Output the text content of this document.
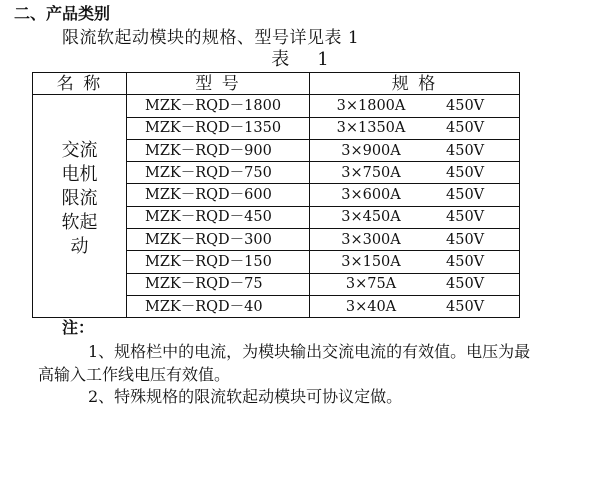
二、产品类别
限流软起动模块的规格、型号详见表 1
表 1
名 称	型 号	规 格

交流
电机
限流
软起
动	MZK－RQD－1800	3×1800A 450V
	MZK－RQD－1350	3×1350A 450V
	MZK－RQD－900	3×900A 450V
	MZK－RQD－750	3×750A 450V
	MZK－RQD－600	3×600A 450V
	MZK－RQD－450	3×450A 450V
	MZK－RQD－300	3×300A 450V
	MZK－RQD－150	3×150A 450V
	MZK－RQD－75	3×75A 450V
	MZK－RQD－40	3×40A 450V
注：
1、规格栏中的电流，为模块输出交流电流的有效值。电压为最高输入工作线电压有效值。
2、特殊规格的限流软起动模块可协议定做。
